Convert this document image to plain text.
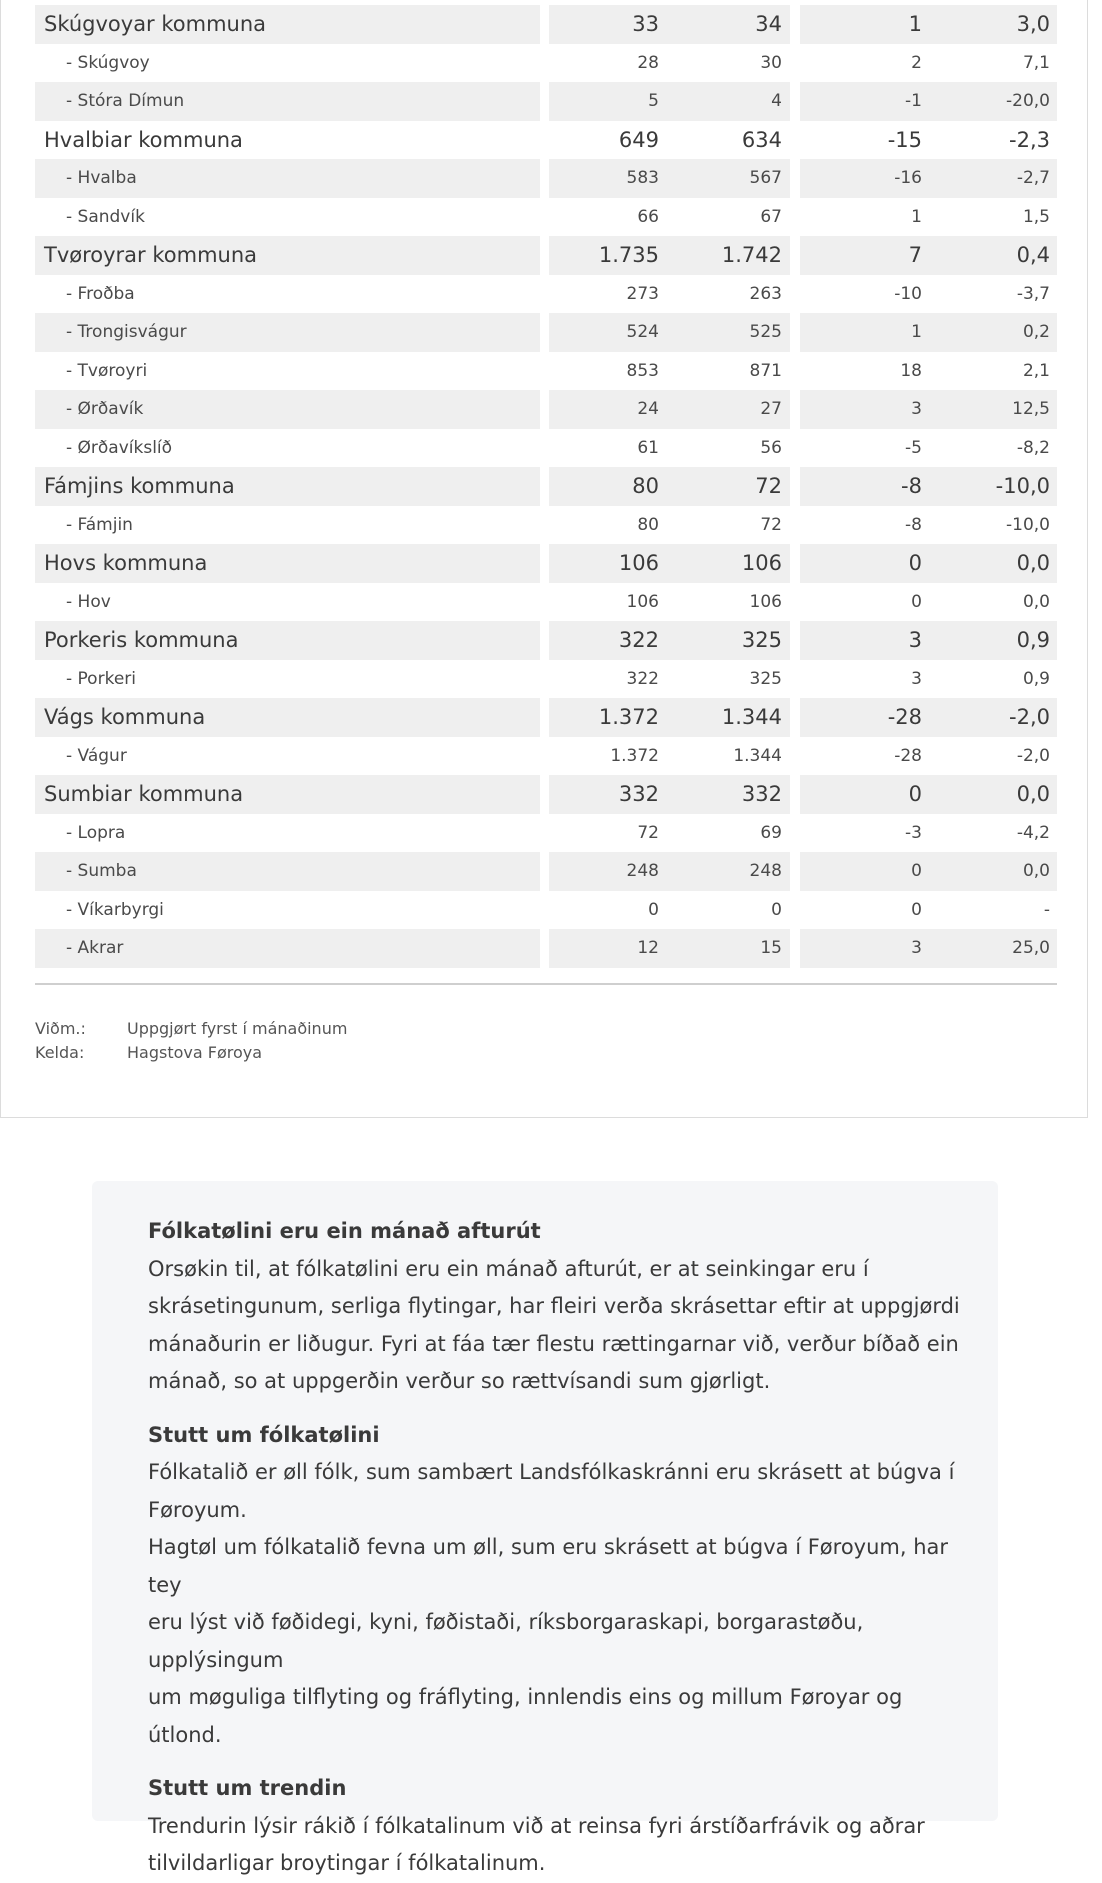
Skúgvoyar kommuna	33	34	1	3,0
- Skúgvoy	28	30	2	7,1
- Stóra Dímun	5	4	-1	-20,0
Hvalbiar kommuna	649	634	-15	-2,3
- Hvalba	583	567	-16	-2,7
- Sandvík	66	67	1	1,5
Tvøroyrar kommuna	1.735	1.742	7	0,4
- Froðba	273	263	-10	-3,7
- Trongisvágur	524	525	1	0,2
- Tvøroyri	853	871	18	2,1
- Ørðavík	24	27	3	12,5
- Ørðavíkslíð	61	56	-5	-8,2
Fámjins kommuna	80	72	-8	-10,0
- Fámjin	80	72	-8	-10,0
Hovs kommuna	106	106	0	0,0
- Hov	106	106	0	0,0
Porkeris kommuna	322	325	3	0,9
- Porkeri	322	325	3	0,9
Vágs kommuna	1.372	1.344	-28	-2,0
- Vágur	1.372	1.344	-28	-2,0
Sumbiar kommuna	332	332	0	0,0
- Lopra	72	69	-3	-4,2
- Sumba	248	248	0	0,0
- Víkarbyrgi	0	0	0	-
- Akrar	12	15	3	25,0
Viðm.:	Uppgjørt fyrst í mánaðinum
Kelda:	Hagstova Føroya
Fólkatølini eru ein mánað afturút
Orsøkin til, at fólkatølini eru ein mánað afturút, er at seinkingar eru í
skrásetingunum, serliga flytingar, har fleiri verða skrásettar eftir at uppgjørdi
mánaðurin er liðugur. Fyri at fáa tær flestu rættingarnar við, verður bíðað ein
mánað, so at uppgerðin verður so rættvísandi sum gjørligt.
Stutt um fólkatølini
Fólkatalið er øll fólk, sum sambært Landsfólkaskránni eru skrásett at búgva í
Føroyum.
Hagtøl um fólkatalið fevna um øll, sum eru skrásett at búgva í Føroyum, har tey
eru lýst við føðidegi, kyni, føðistaði, ríksborgaraskapi, borgarastøðu, upplýsingum
um møguliga tilflyting og fráflyting, innlendis eins og millum Føroyar og útlond.
Stutt um trendin
Trendurin lýsir rákið í fólkatalinum við at reinsa fyri árstíðarfrávik og aðrar
tilvildarligar broytingar í fólkatalinum.
